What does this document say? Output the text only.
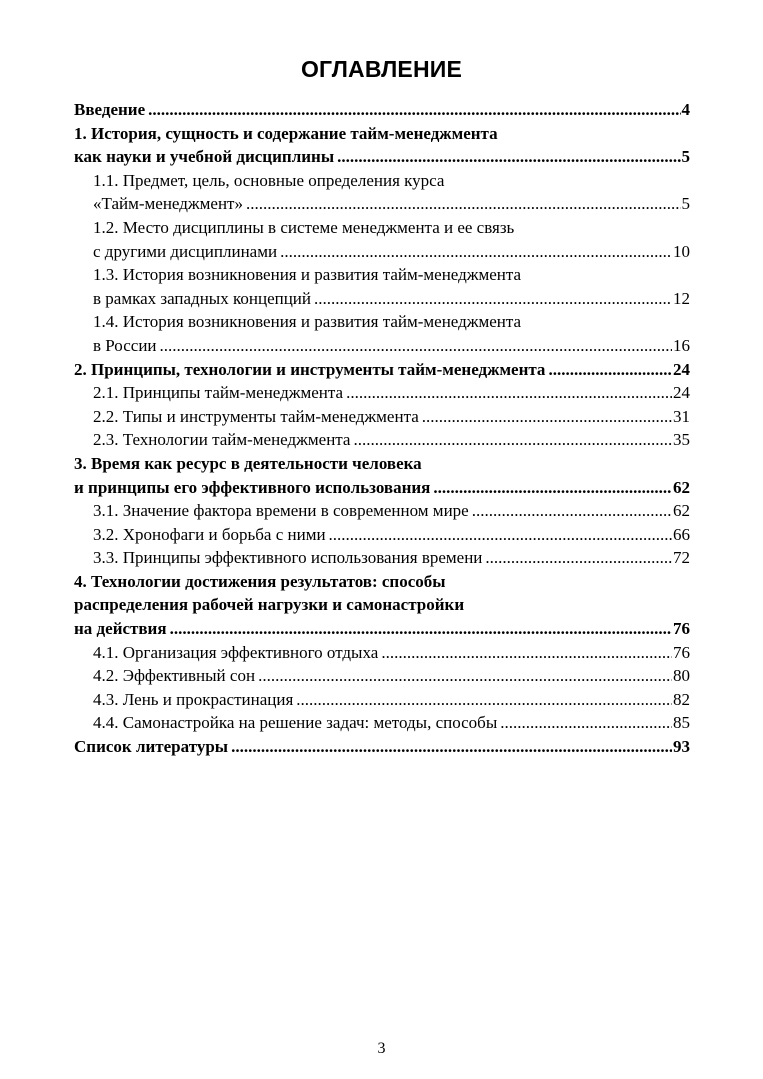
ОГЛАВЛЕНИЕ
Введение .....	4
1. История, сущность и содержание тайм-менеджмента
как науки и учебной дисциплины .....	5
1.1. Предмет, цель, основные определения курса
«Тайм-менеджмент» .....	5
1.2. Место дисциплины в системе менеджмента и ее связь
с другими дисциплинами .....	10
1.3. История возникновения и развития тайм-менеджмента
в рамках западных концепций .....	12
1.4. История возникновения и развития тайм-менеджмента
в России .....	16
2. Принципы, технологии и инструменты тайм-менеджмента .....	24
2.1. Принципы тайм-менеджмента .....	24
2.2. Типы и инструменты тайм-менеджмента .....	31
2.3. Технологии тайм-менеджмента .....	35
3. Время как ресурс в деятельности человека
и принципы его эффективного использования .....	62
3.1. Значение фактора времени в современном мире .....	62
3.2. Хронофаги и борьба с ними .....	66
3.3. Принципы эффективного использования времени .....	72
4. Технологии достижения результатов: способы
распределения рабочей нагрузки и самонастройки
на действия .....	76
4.1. Организация эффективного отдыха .....	76
4.2. Эффективный сон .....	80
4.3. Лень и прокрастинация .....	82
4.4. Самонастройка на решение задач: методы, способы .....	85
Список литературы .....	93
3
